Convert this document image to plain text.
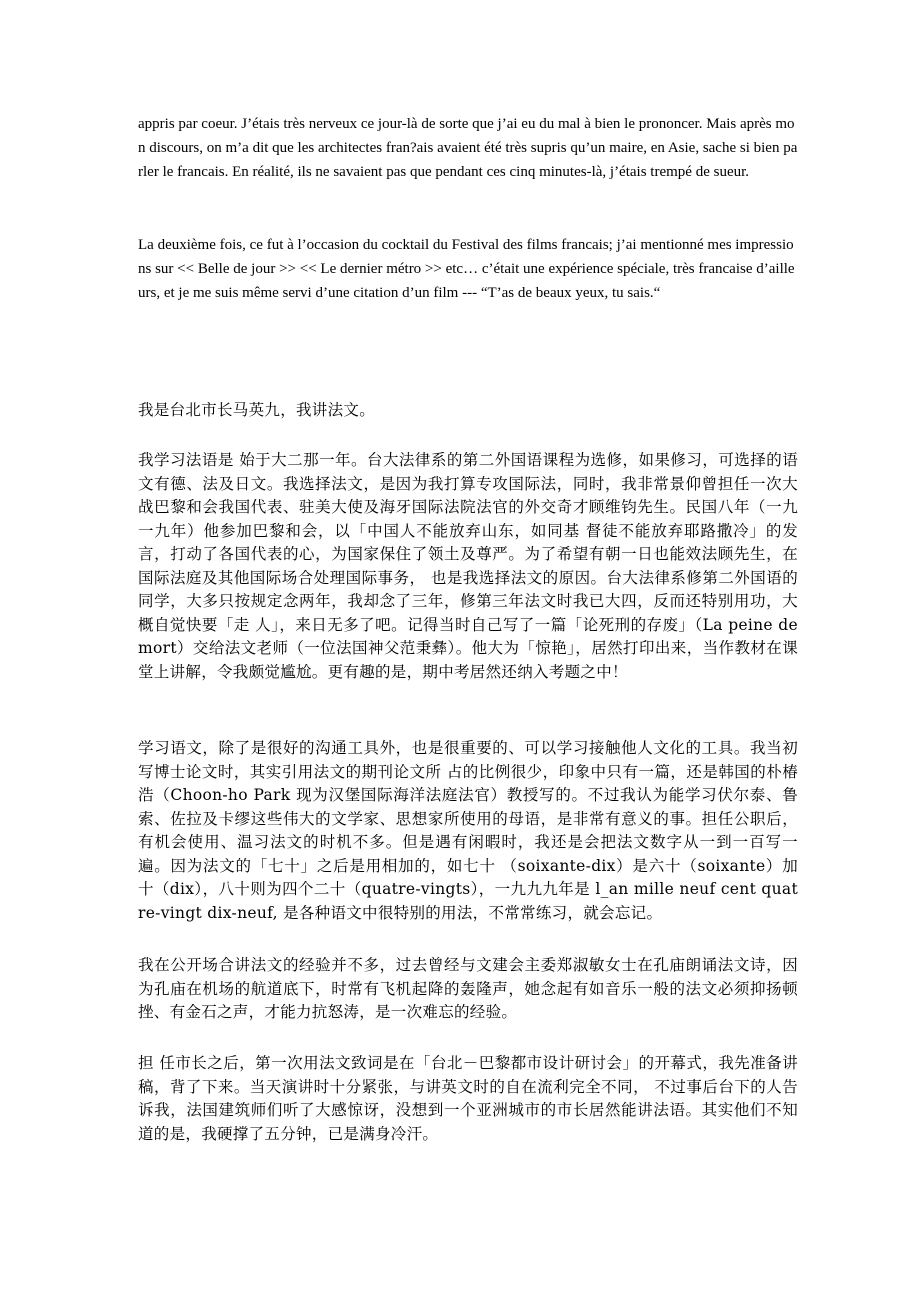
appris par coeur. J’étais très nerveux ce jour-là de sorte que j’ai eu du mal à bien le prononcer. Mais après mon discours, on m’a dit que les architectes fran?ais avaient été très supris qu’un maire, en Asie, sache si bien parler le francais. En réalité, ils ne savaient pas que pendant ces cinq minutes-là, j’étais trempé de sueur.

La deuxième fois, ce fut à l’occasion du cocktail du Festival des films francais; j’ai mentionné mes impressions sur << Belle de jour >> << Le dernier métro >> etc… c’était une expérience spéciale, très francaise d’ailleurs, et je me suis même servi d’une citation d’un film --- “T’as de beaux yeux, tu sais.“

我是台北市长马英九，我讲法文。

我学习法语是 始于大二那一年。台大法律系的第二外国语课程为选修，如果修习，可选择的语文有德、法及日文。我选择法文，是因为我打算专攻国际法，同时，我非常景仰曾担任一次大战巴黎和会我国代表、驻美大使及海牙国际法院法官的外交奇才顾维钧先生。民国八年（一九一九年）他参加巴黎和会，以「中国人不能放弃山东，如同基 督徒不能放弃耶路撒冷」的发言，打动了各国代表的心，为国家保住了领土及尊严。为了希望有朝一日也能效法顾先生，在国际法庭及其他国际场合处理国际事务， 也是我选择法文的原因。台大法律系修第二外国语的同学，大多只按规定念两年，我却念了三年，修第三年法文时我已大四，反而还特别用功，大概自觉快要「走 人」，来日无多了吧。记得当时自己写了一篇「论死刑的存废」（La peine de mort）交给法文老师（一位法国神父范秉彝）。他大为「惊艳」，居然打印出来，当作教材在课堂上讲解，令我颇觉尴尬。更有趣的是，期中考居然还纳入考题之中！

学习语文，除了是很好的沟通工具外，也是很重要的、可以学习接触他人文化的工具。我当初写博士论文时，其实引用法文的期刊论文所 占的比例很少，印象中只有一篇，还是韩国的朴椿浩（Choon-ho Park 现为汉堡国际海洋法庭法官）教授写的。不过我认为能学习伏尔泰、鲁索、佐拉及卡缪这些伟大的文学家、思想家所使用的母语，是非常有意义的事。担任公职后，有机会使用、温习法文的时机不多。但是遇有闲暇时，我还是会把法文数字从一到一百写一遍。因为法文的「七十」之后是用相加的，如七十 （soixante-dix）是六十（soixante）加十（dix），八十则为四个二十（quatre-vingts），一九九九年是 l_an mille neuf cent quatre-vingt dix-neuf, 是各种语文中很特别的用法，不常常练习，就会忘记。

我在公开场合讲法文的经验并不多，过去曾经与文建会主委郑淑敏女士在孔庙朗诵法文诗，因为孔庙在机场的航道底下，时常有飞机起降的轰隆声，她念起有如音乐一般的法文必须抑扬顿挫、有金石之声，才能力抗怒涛，是一次难忘的经验。

担 任市长之后，第一次用法文致词是在「台北－巴黎都市设计研讨会」的开幕式，我先准备讲稿，背了下来。当天演讲时十分紧张，与讲英文时的自在流利完全不同， 不过事后台下的人告诉我，法国建筑师们听了大感惊讶，没想到一个亚洲城市的市长居然能讲法语。其实他们不知道的是，我硬撑了五分钟，已是满身冷汗。
